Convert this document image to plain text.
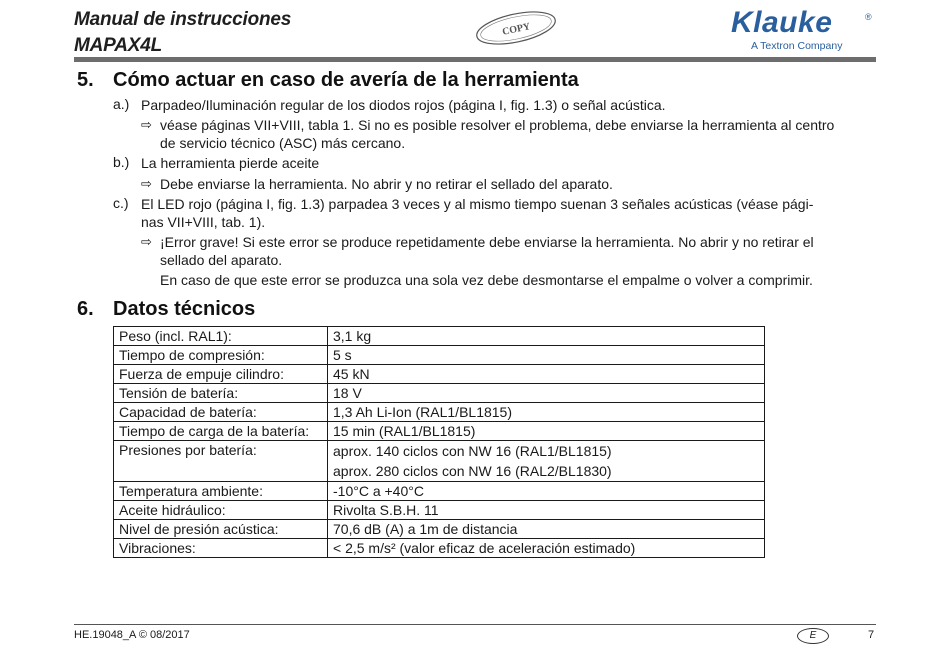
Manual de instrucciones
MAPAX4L
COPY	Klauke	®
A Textron Company
5. Cómo actuar en caso de avería de la herramienta
a.) Parpadeo/Iluminación regular de los diodos rojos (página I, fig. 1.3) o señal acústica.
⇨ véase páginas VII+VIII, tabla 1. Si no es posible resolver el problema, debe enviarse la herramienta al centro
de servicio técnico (ASC) más cercano.
b.) La herramienta pierde aceite
⇨ Debe enviarse la herramienta. No abrir y no retirar el sellado del aparato.
c.) El LED rojo (página I, fig. 1.3) parpadea 3 veces y al mismo tiempo suenan 3 señales acústicas (véase pági-
nas VII+VIII, tab. 1).
⇨ ¡Error grave! Si este error se produce repetidamente debe enviarse la herramienta. No abrir y no retirar el
sellado del aparato.
En caso de que este error se produzca una sola vez debe desmontarse el empalme o volver a comprimir.
6. Datos técnicos
Peso (incl. RAL1):	3,1 kg
Tiempo de compresión:	5 s
Fuerza de empuje cilindro:	45 kN
Tensión de batería:	18 V
Capacidad de batería:	1,3 Ah Li-Ion (RAL1/BL1815)
Tiempo de carga de la batería:	15 min (RAL1/BL1815)
Presiones por batería:	aprox. 140 ciclos con NW 16 (RAL1/BL1815)
aprox. 280 ciclos con NW 16 (RAL2/BL1830)

Temperatura ambiente:	-10°C a +40°C
Aceite hidráulico:	Rivolta S.B.H. 11
Nivel de presión acústica:	70,6 dB (A) a 1m de distancia
Vibraciones:	< 2,5 m/s² (valor eficaz de aceleración estimado)
HE.19048_A © 08/2017	E	7
